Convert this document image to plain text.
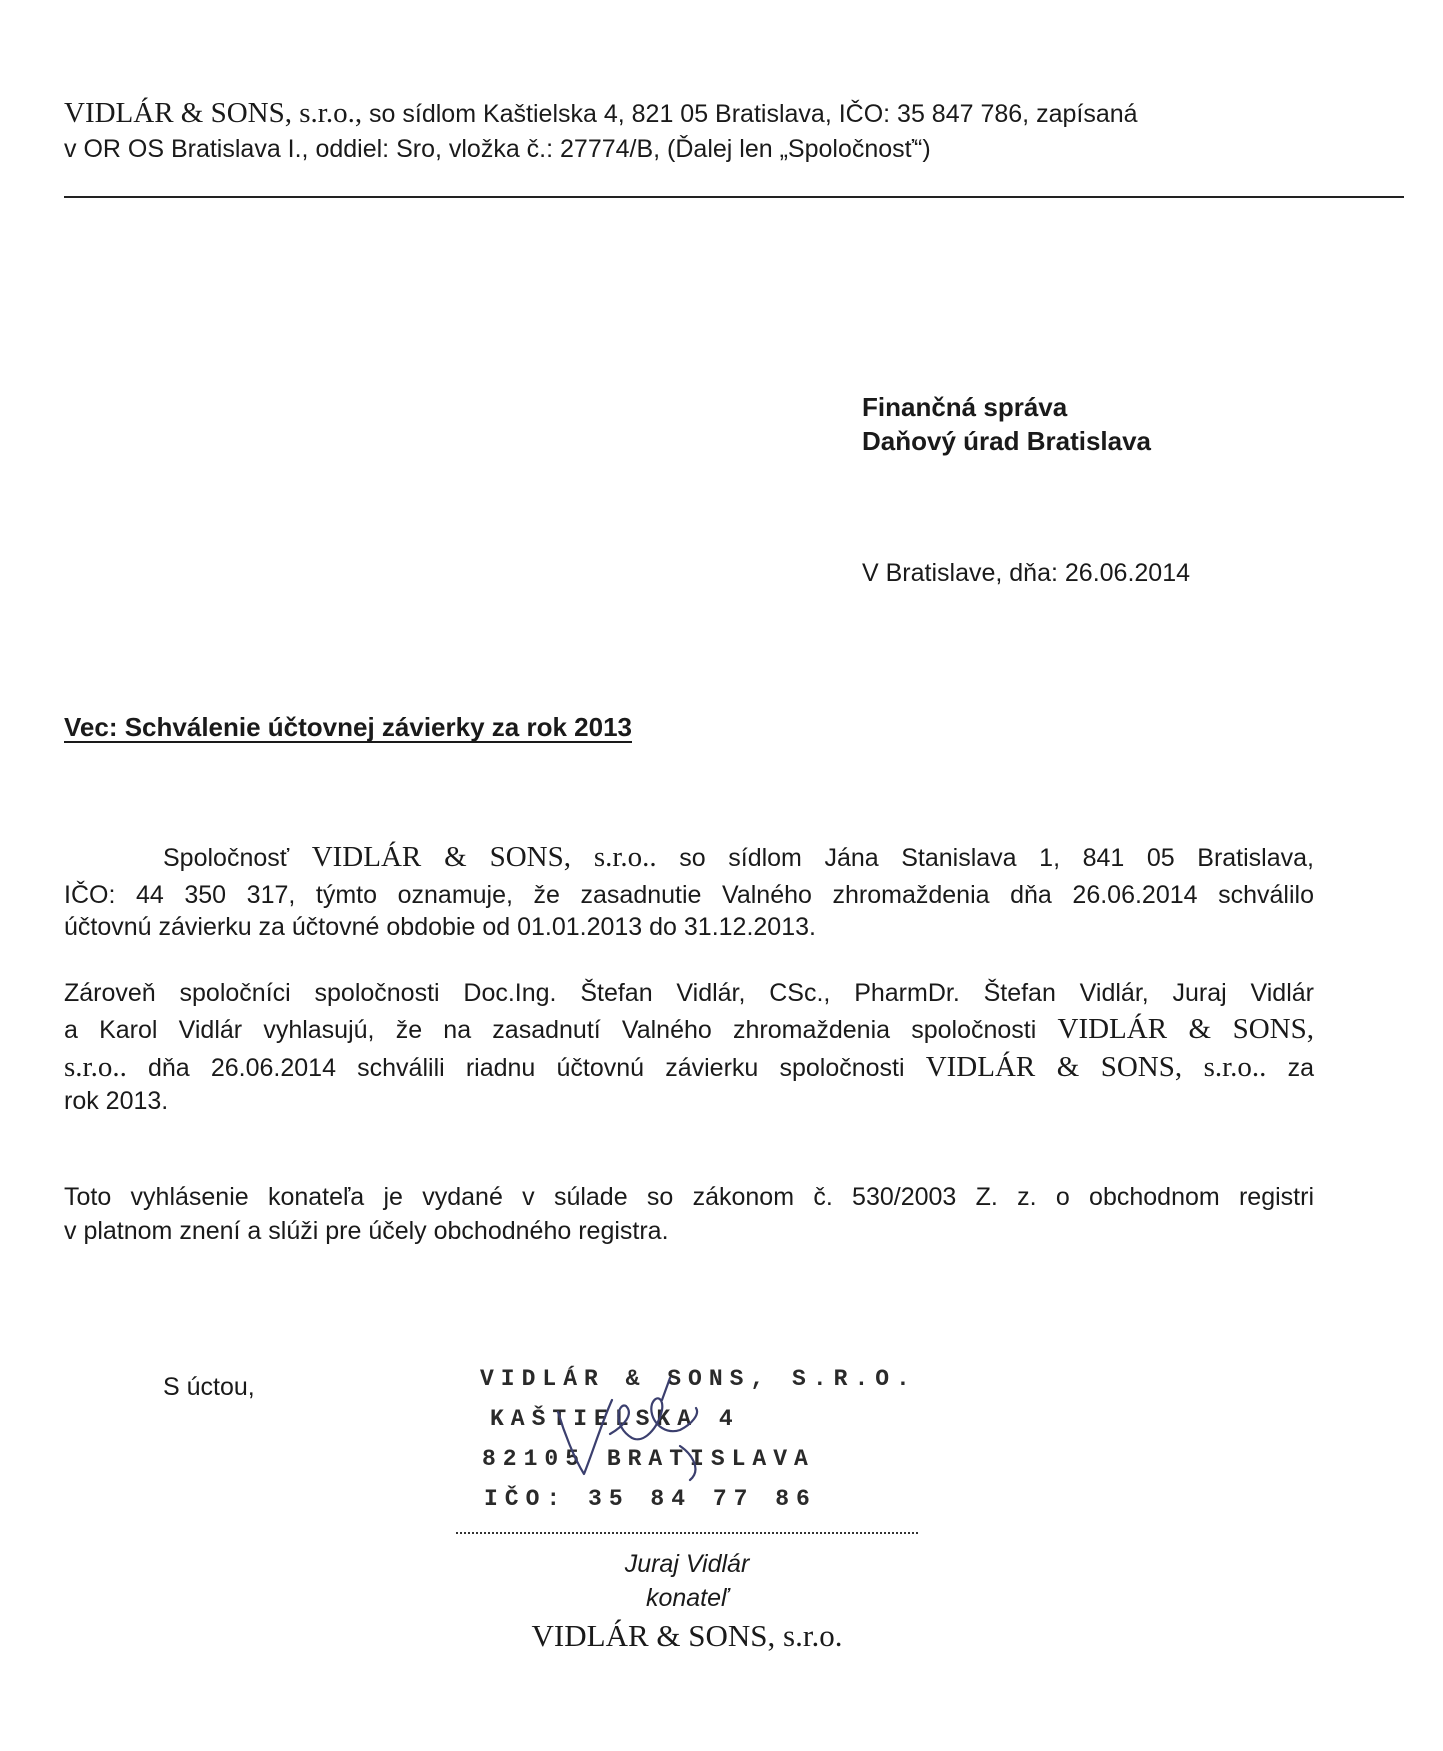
VIDLÁR & SONS, s.r.o., so sídlom Kaštielska 4, 821 05 Bratislava, IČO: 35 847 786, zapísaná
v OR OS Bratislava I., oddiel: Sro, vložka č.: 27774/B, (Ďalej len „Spoločnosť“)
Finančná správa
Daňový úrad Bratislava
V Bratislave, dňa: 26.06.2014
Vec: Schválenie účtovnej závierky za rok 2013
Spoločnosť VIDLÁR & SONS, s.r.o.. so sídlom Jána Stanislava 1, 841 05 Bratislava,
IČO: 44 350 317, týmto oznamuje, že zasadnutie Valného zhromaždenia dňa 26.06.2014 schválilo
účtovnú závierku za účtovné obdobie od 01.01.2013 do 31.12.2013.
Zároveň spoločníci spoločnosti Doc.Ing. Štefan Vidlár, CSc., PharmDr. Štefan Vidlár, Juraj Vidlár
a Karol Vidlár vyhlasujú, že na zasadnutí Valného zhromaždenia spoločnosti VIDLÁR & SONS,
s.r.o.. dňa 26.06.2014 schválili riadnu účtovnú závierku spoločnosti VIDLÁR & SONS, s.r.o.. za
rok 2013.
Toto vyhlásenie konateľa je vydané v súlade so zákonom č. 530/2003 Z. z. o obchodnom registri
v platnom znení a slúži pre účely obchodného registra.
S úctou,	VIDLÁR & SONS, S.R.O.
KAŠTIELSKA 4
82105 BRATISLAVA
IČO: 35 84 77 86
Juraj Vidlár
konateľ
VIDLÁR & SONS, s.r.o.
